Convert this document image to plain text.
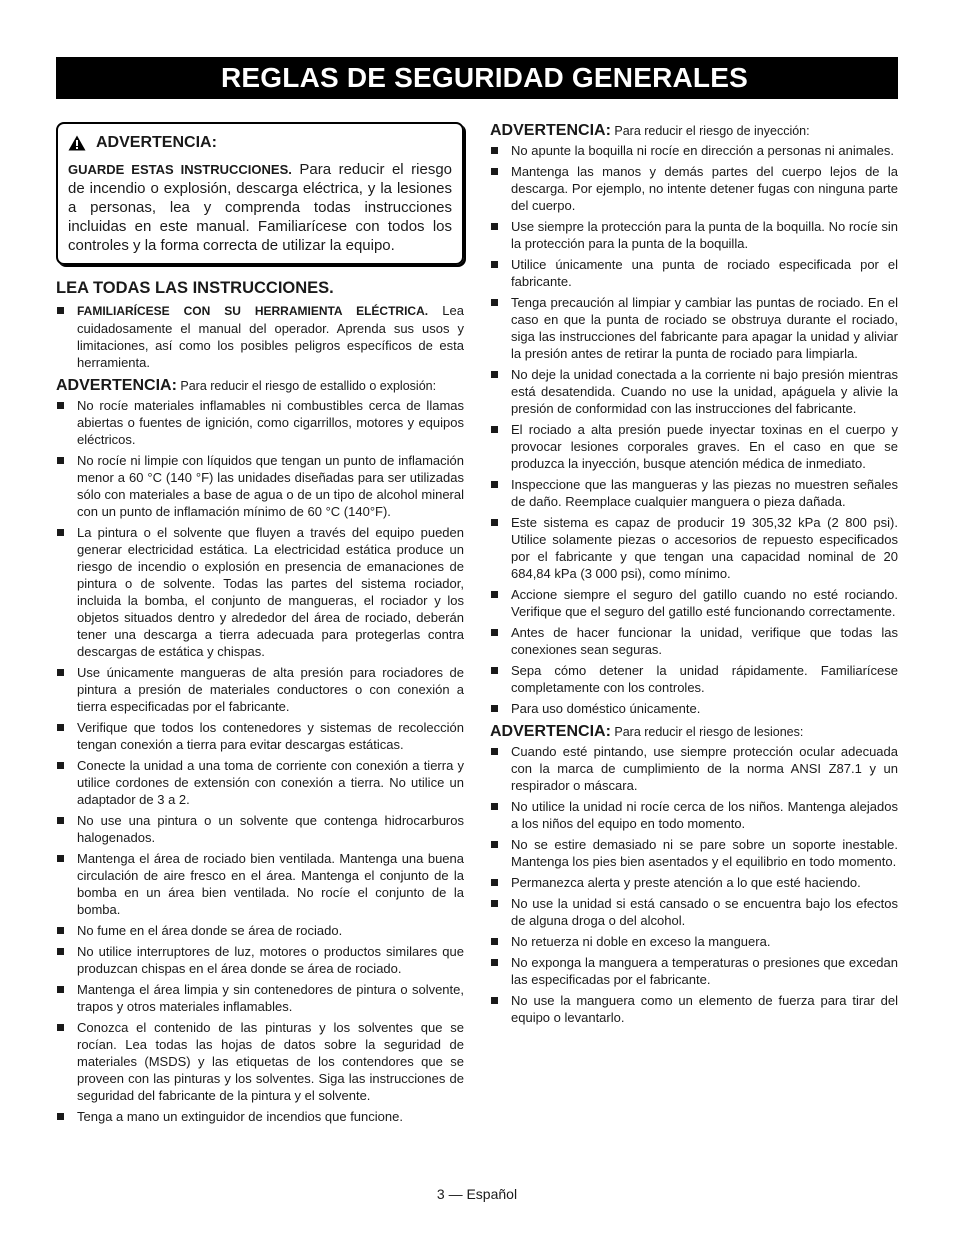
REGLAS DE SEGURIDAD GENERALES
ADVERTENCIA:
GUARDE ESTAS INSTRUCCIONES. Para reducir el riesgo de incendio o explosión, descarga eléctrica, y la lesiones a personas, lea y comprenda todas instrucciones incluidas en este manual. Familiarícese con todos los controles y la forma correcta de utilizar la equipo.
LEA TODAS LAS INSTRUCCIONES.
FAMILIARÍCESE CON SU HERRAMIENTA ELÉCTRICA. Lea cuidadosamente el manual del operador. Aprenda sus usos y limitaciones, así como los posibles peligros específicos de esta herramienta.
ADVERTENCIA: Para reducir el riesgo de estallido o explosión:
No rocíe materiales inflamables ni combustibles cerca de llamas abiertas o fuentes de ignición, como cigarrillos, motores y equipos eléctricos.
No rocíe ni limpie con líquidos que tengan un punto de inflamación menor a 60 °C (140 °F) las unidades diseñadas para ser utilizadas sólo con materiales a base de agua o de un tipo de alcohol mineral con un punto de inflamación mínimo de 60 °C (140°F).
La pintura o el solvente que fluyen a través del equipo pueden generar electricidad estática. La electricidad estática produce un riesgo de incendio o explosión en presencia de emanaciones de pintura o de solvente. Todas las partes del sistema rociador, incluida la bomba, el conjunto de mangueras, el rociador y los objetos situados dentro y alrededor del área de rociado, deberán tener una descarga a tierra adecuada para protegerlas contra descargas de estática y chispas.
Use únicamente mangueras de alta presión para rociadores de pintura a presión de materiales conductores o con conexión a tierra especificadas por el fabricante.
Verifique que todos los contenedores y sistemas de recolección tengan conexión a tierra para evitar descargas estáticas.
Conecte la unidad a una toma de corriente con conexión a tierra y utilice cordones de extensión con conexión a tierra. No utilice un adaptador de 3 a 2.
No use una pintura o un solvente que contenga hidrocarburos halogenados.
Mantenga el área de rociado bien ventilada. Mantenga una buena circulación de aire fresco en el área. Mantenga el conjunto de la bomba en un área bien ventilada. No rocíe el conjunto de la bomba.
No fume en el área donde se área de rociado.
No utilice interruptores de luz, motores o productos similares que produzcan chispas en el área donde se área de rociado.
Mantenga el área limpia y sin contenedores de pintura o solvente, trapos y otros materiales inflamables.
Conozca el contenido de las pinturas y los solventes que se rocían. Lea todas las hojas de datos sobre la seguridad de materiales (MSDS) y las etiquetas de los contendores que se proveen con las pinturas y los solventes. Siga las instrucciones de seguridad del fabricante de la pintura y el solvente.
Tenga a mano un extinguidor de incendios que funcione.
ADVERTENCIA: Para reducir el riesgo de inyección:
No apunte la boquilla ni rocíe en dirección a personas ni animales.
Mantenga las manos y demás partes del cuerpo lejos de la descarga. Por ejemplo, no intente detener fugas con ninguna parte del cuerpo.
Use siempre la protección para la punta de la boquilla. No rocíe sin la protección para la punta de la boquilla.
Utilice únicamente una punta de rociado especificada por el fabricante.
Tenga precaución al limpiar y cambiar las puntas de rociado. En el caso en que la punta de rociado se obstruya durante el rociado, siga las instrucciones del fabricante para apagar la unidad y aliviar la presión antes de retirar la punta de rociado para limpiarla.
No deje la unidad conectada a la corriente ni bajo presión mientras está desatendida. Cuando no use la unidad, apáguela y alivie la presión de conformidad con las instrucciones del fabricante.
El rociado a alta presión puede inyectar toxinas en el cuerpo y provocar lesiones corporales graves. En el caso en que se produzca la inyección, busque atención médica de inmediato.
Inspeccione que las mangueras y las piezas no muestren señales de daño. Reemplace cualquier manguera o pieza dañada.
Este sistema es capaz de producir 19 305,32 kPa (2 800 psi). Utilice solamente piezas o accesorios de repuesto especificados por el fabricante y que tengan una capacidad nominal de 20 684,84 kPa (3 000 psi), como mínimo.
Accione siempre el seguro del gatillo cuando no esté rociando. Verifique que el seguro del gatillo esté funcionando correctamente.
Antes de hacer funcionar la unidad, verifique que todas las conexiones sean seguras.
Sepa cómo detener la unidad rápidamente. Familiarícese completamente con los controles.
Para uso doméstico únicamente.
ADVERTENCIA: Para reducir el riesgo de lesiones:
Cuando esté pintando, use siempre protección ocular adecuada con la marca de cumplimiento de la norma ANSI Z87.1 y un respirador o máscara.
No utilice la unidad ni rocíe cerca de los niños. Mantenga alejados a los niños del equipo en todo momento.
No se estire demasiado ni se pare sobre un soporte inestable. Mantenga los pies bien asentados y el equilibrio en todo momento.
Permanezca alerta y preste atención a lo que esté haciendo.
No use la unidad si está cansado o se encuentra bajo los efectos de alguna droga o del alcohol.
No retuerza ni doble en exceso la manguera.
No exponga la manguera a temperaturas o presiones que excedan las especificadas por el fabricante.
No use la manguera como un elemento de fuerza para tirar del equipo o levantarlo.
3 — Español
